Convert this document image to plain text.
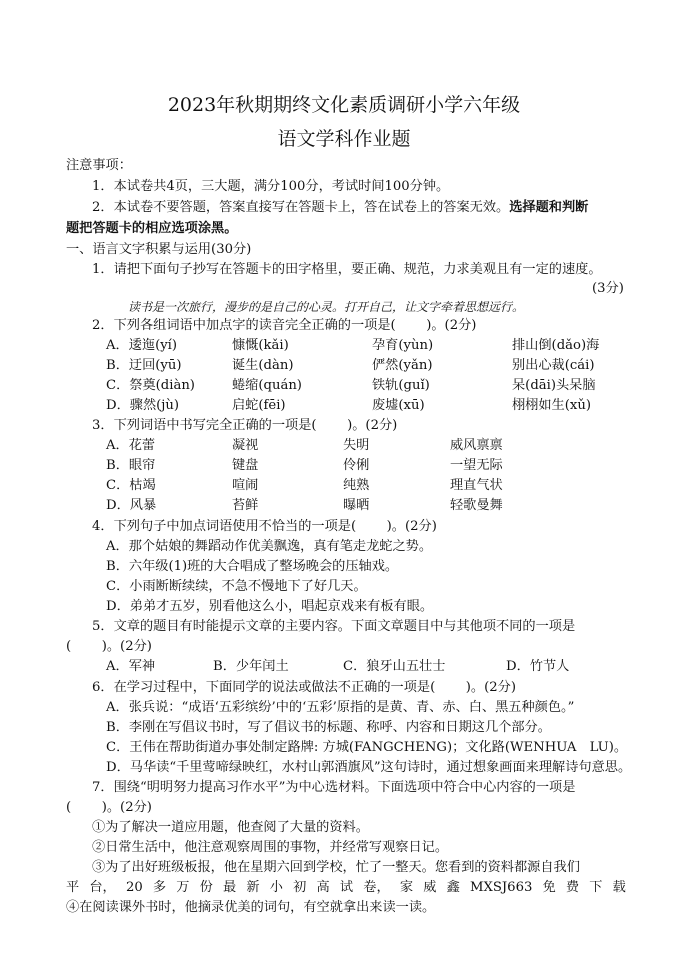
2023年秋期期终文化素质调研小学六年级
语文学科作业题
注意事项：
1．本试卷共4页，三大题，满分100分，考试时间100分钟。
2．本试卷不要答题，答案直接写在答题卡上，答在试卷上的答案无效。选择题和判断
题把答题卡的相应选项涂黑。
一、语言文字积累与运用(30分)
1．请把下面句子抄写在答题卡的田字格里，要正确、规范，力求美观且有一定的速度。
(3分)
读书是一次旅行，漫步的是自己的心灵。打开自己，让文字牵着思想远行。
2．下列各组词语中加点字的读音完全正确的一项是(　　 )。(2分)
A．逶迤(yí)	慷慨(kǎi)	孕育(yùn)	排山倒(dǎo)海
B．迂回(yū)	诞生(dàn)	俨然(yǎn)	别出心裁(cái)
C．祭奠(diàn)	蜷缩(quán)	铁轨(guǐ)	呆(dāi)头呆脑
D．骤然(jù)	启蛇(fēi)	废墟(xū)	栩栩如生(xǔ)
3．下列词语中书写完全正确的一项是(　　 )。(2分)
A．花蕾	凝视	失明	威风禀禀
B．眼帘	键盘	伶俐	一望无际
C．枯竭	喧闹	纯熟	理直气状
D．风暴	苔鲜	曝晒	轻歌曼舞
4．下列句子中加点词语使用不恰当的一项是(　　 )。(2分)
A．那个姑娘的舞蹈动作优美飘逸，真有笔走龙蛇之势。
B．六年级(1)班的大合唱成了整场晚会的压轴戏。
C．小雨断断续续，不急不慢地下了好几天。
D．弟弟才五岁，别看他这么小，唱起京戏来有板有眼。
5．文章的题目有时能提示文章的主要内容。下面文章题目中与其他项不同的一项是
(　　 )。(2分)
A．军神	B．少年闰土	C．狼牙山五壮士	D．竹节人
6．在学习过程中，下面同学的说法或做法不正确的一项是(　　 )。(2分)
A．张兵说：“成语‘五彩缤纷’中的‘五彩’原指的是黄、青、赤、白、黑五种颜色。”
B．李刚在写倡议书时，写了倡议书的标题、称呼、内容和日期这几个部分。
C．王伟在帮助街道办事处制定路牌: 方城(FANGCHENG)；文化路(WENHUA　LU)。
D．马华读“千里莺啼绿映红，水村山郭酒旗风”这句诗时，通过想象画面来理解诗句意思。
7．围绕“明明努力提高习作水平”为中心选材料。下面选项中符合中心内容的一项是
(　　 )。(2分)
①为了解决一道应用题，他查阅了大量的资料。
②日常生活中，他注意观察周围的事物，并经常写观察日记。
③为了出好班级板报，他在星期六回到学校，忙了一整天。您看到的资料都源自我们
平 台， 20 多 万 份 最 新 小 初 高 试 卷， 家 威 鑫 MXSJ663 免 费 下 载
④在阅读课外书时，他摘录优美的词句，有空就拿出来读一读。
